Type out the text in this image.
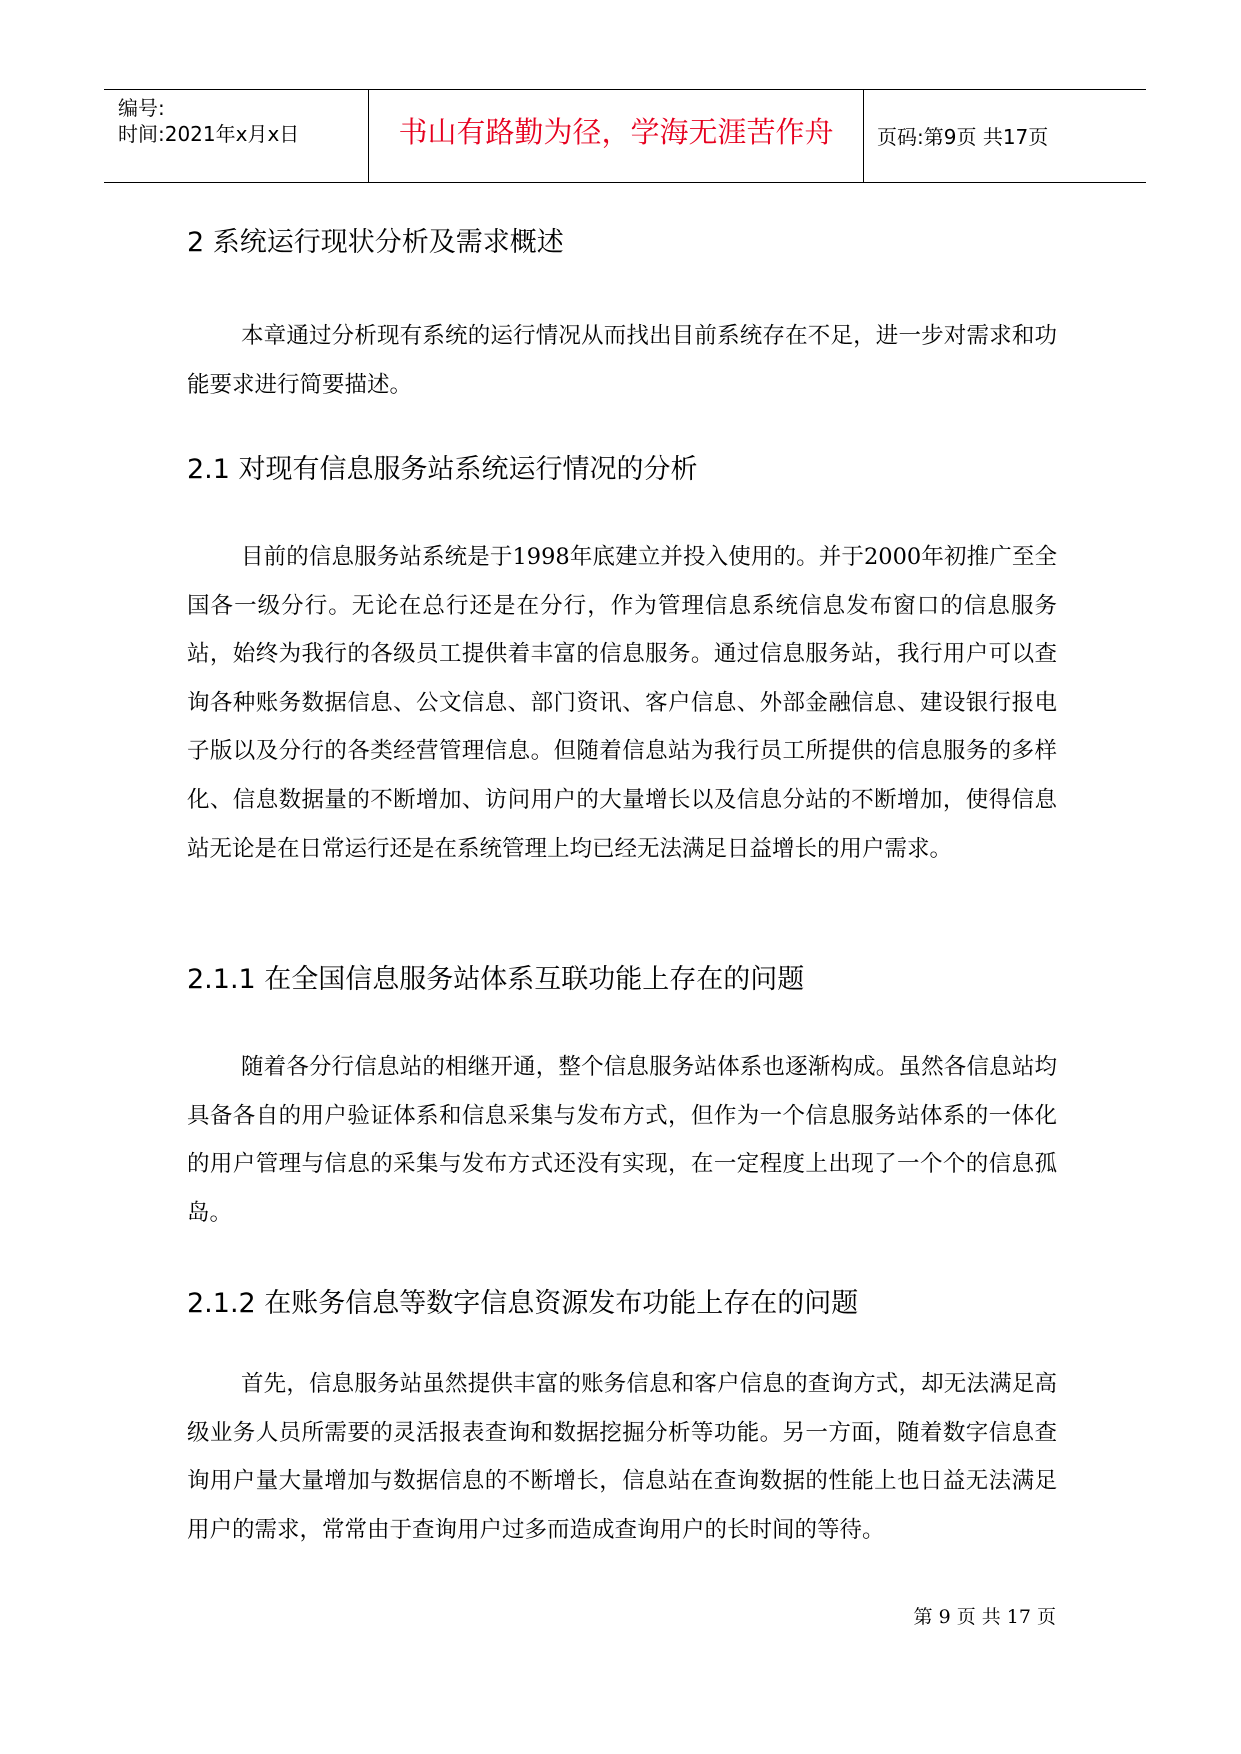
编号:
时间:2021年x月x日	书山有路勤为径，学海无涯苦作舟	页码:第9页 共17页
2 系统运行现状分析及需求概述
本章通过分析现有系统的运行情况从而找出目前系统存在不足，进一步对需求和功能要求进行简要描述。
2.1 对现有信息服务站系统运行情况的分析
目前的信息服务站系统是于1998年底建立并投入使用的。并于2000年初推广至全国各一级分行。无论在总行还是在分行，作为管理信息系统信息发布窗口的信息服务站，始终为我行的各级员工提供着丰富的信息服务。通过信息服务站，我行用户可以查询各种账务数据信息、公文信息、部门资讯、客户信息、外部金融信息、建设银行报电子版以及分行的各类经营管理信息。但随着信息站为我行员工所提供的信息服务的多样化、信息数据量的不断增加、访问用户的大量增长以及信息分站的不断增加，使得信息站无论是在日常运行还是在系统管理上均已经无法满足日益增长的用户需求。
2.1.1 在全国信息服务站体系互联功能上存在的问题
随着各分行信息站的相继开通，整个信息服务站体系也逐渐构成。虽然各信息站均具备各自的用户验证体系和信息采集与发布方式，但作为一个信息服务站体系的一体化的用户管理与信息的采集与发布方式还没有实现，在一定程度上出现了一个个的信息孤岛。
2.1.2 在账务信息等数字信息资源发布功能上存在的问题
首先，信息服务站虽然提供丰富的账务信息和客户信息的查询方式，却无法满足高级业务人员所需要的灵活报表查询和数据挖掘分析等功能。另一方面，随着数字信息查询用户量大量增加与数据信息的不断增长，信息站在查询数据的性能上也日益无法满足用户的需求，常常由于查询用户过多而造成查询用户的长时间的等待。
第 9 页 共 17 页
